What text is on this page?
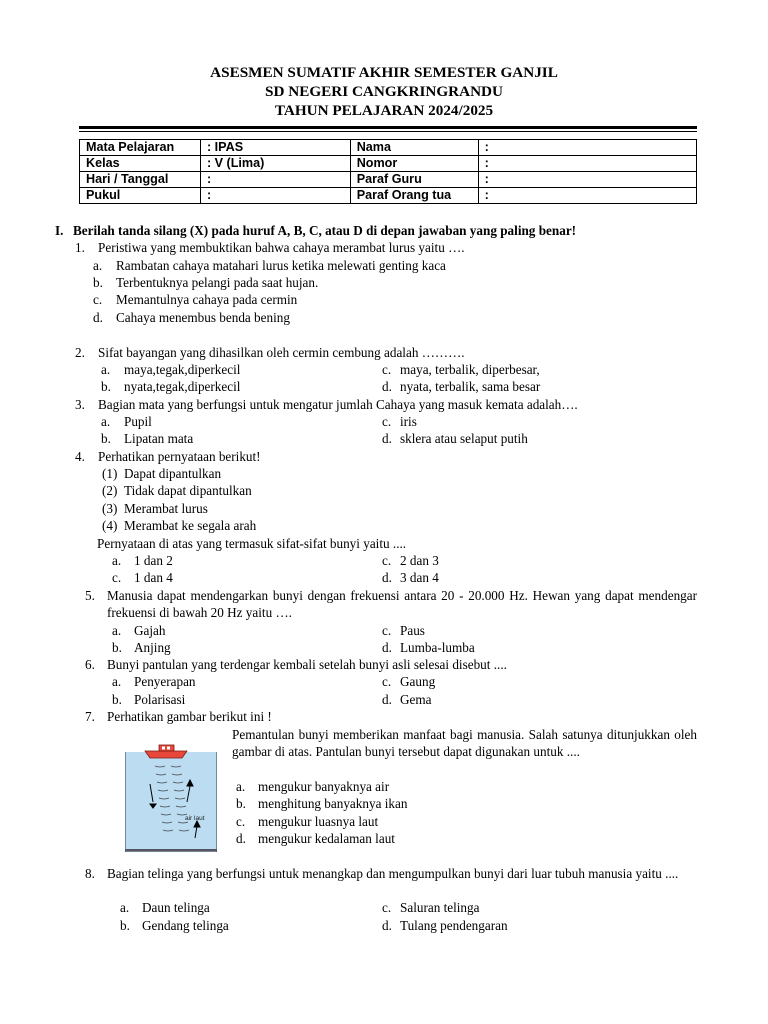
ASESMEN SUMATIF AKHIR SEMESTER GANJIL
SD NEGERI CANGKRINGRANDU
TAHUN PELAJARAN 2024/2025
Mata Pelajaran	: IPAS	Nama	:
Kelas	: V (Lima)	Nomor	:
Hari / Tanggal	:	Paraf Guru	:
Pukul	:	Paraf Orang tua	:
I. Berilah tanda silang (X) pada huruf A, B, C, atau D di depan jawaban yang paling benar!
1. Peristiwa yang membuktikan bahwa cahaya merambat lurus yaitu ….
a. Rambatan cahaya matahari lurus ketika melewati genting kaca
b. Terbentuknya pelangi pada saat hujan.
c. Memantulnya cahaya pada cermin
d. Cahaya menembus benda bening
2. Sifat bayangan yang dihasilkan oleh cermin cembung adalah ……….
a. maya,tegak,diperkecil	c. maya, terbalik, diperbesar,
b. nyata,tegak,diperkecil	d. nyata, terbalik, sama besar
3. Bagian mata yang berfungsi untuk mengatur jumlah Cahaya yang masuk kemata adalah….
a. Pupil	c. iris
b. Lipatan mata	d. sklera atau selaput putih
4. Perhatikan pernyataan berikut!
(1) Dapat dipantulkan
(2) Tidak dapat dipantulkan
(3) Merambat lurus
(4) Merambat ke segala arah
Pernyataan di atas yang termasuk sifat-sifat bunyi yaitu ....
a. 1 dan 2	c. 2 dan 3
c. 1 dan 4	d. 3 dan 4
5. Manusia dapat mendengarkan bunyi dengan frekuensi antara 20 - 20.000 Hz. Hewan yang dapat mendengar frekuensi di bawah 20 Hz yaitu ….
a. Gajah	c. Paus
b. Anjing	d. Lumba-lumba
6. Bunyi pantulan yang terdengar kembali setelah bunyi asli selesai disebut ....
a. Penyerapan	c. Gaung
b. Polarisasi	d. Gema
7. Perhatikan gambar berikut ini !
Pemantulan bunyi memberikan manfaat bagi manusia. Salah satunya ditunjukkan oleh gambar di atas. Pantulan bunyi tersebut dapat digunakan untuk ....
air laut
a. mengukur banyaknya air
b. menghitung banyaknya ikan
c. mengukur luasnya laut
d. mengukur kedalaman laut
8. Bagian telinga yang berfungsi untuk menangkap dan mengumpulkan bunyi dari luar tubuh manusia yaitu ....
a. Daun telinga	c. Saluran telinga
b. Gendang telinga	d. Tulang pendengaran
